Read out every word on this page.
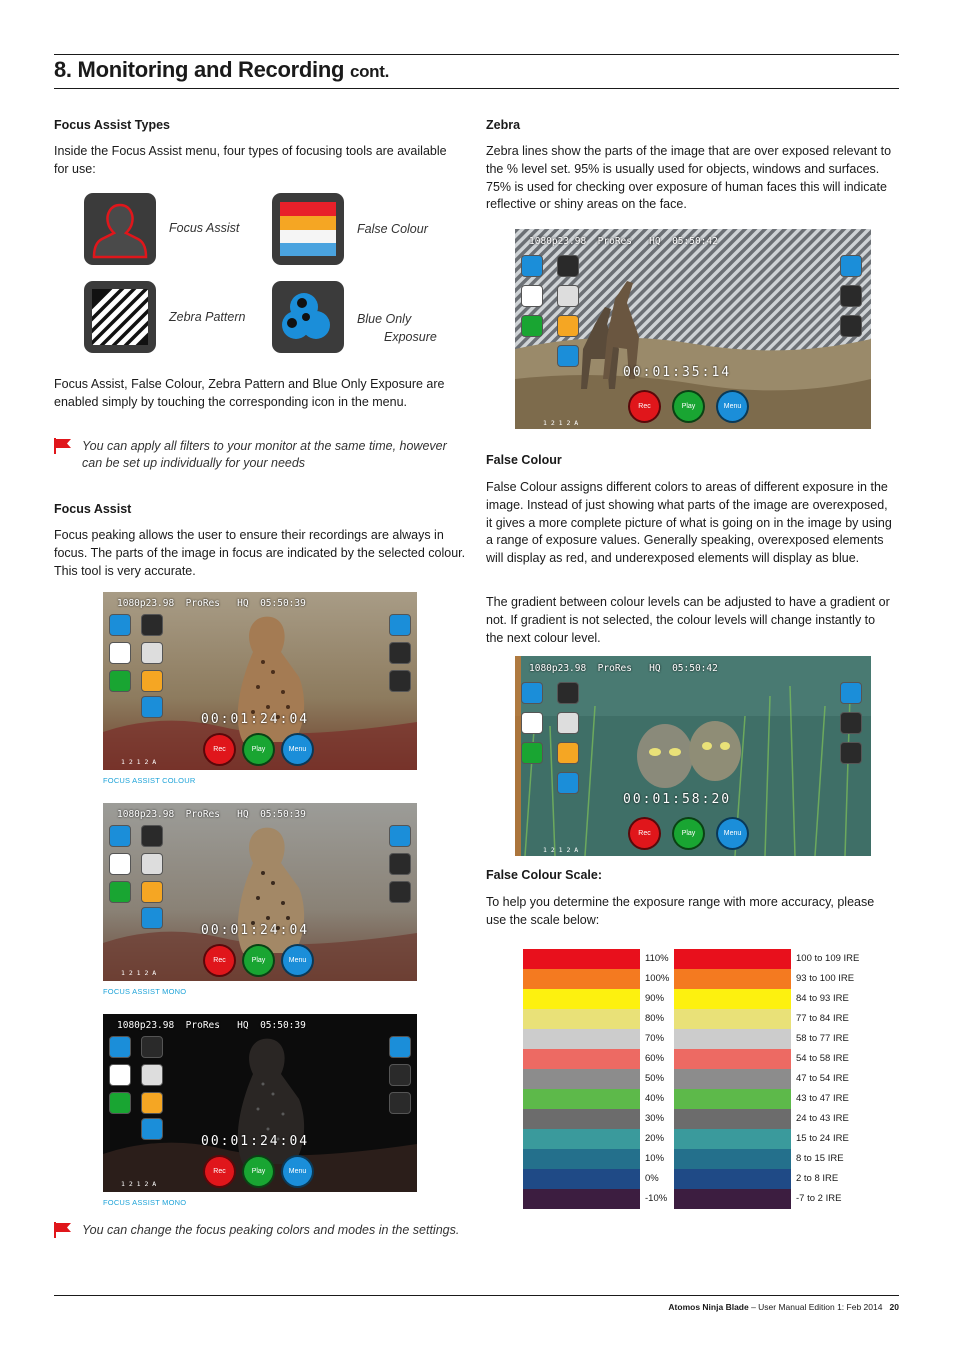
8. Monitoring and Recording cont.
Focus Assist Types
Inside the Focus Assist menu, four types of focusing tools are available for use:
Focus Assist	False Colour
Zebra Pattern	Blue Only
Exposure
Focus Assist, False Colour, Zebra Pattern and Blue Only Exposure are enabled simply by touching the corresponding icon in the menu.
You can apply all filters to your monitor at the same time, however can be set up individually for your needs
Focus Assist
Focus peaking allows the user to ensure their recordings are always in focus. The parts of the image in focus are indicated by the selected colour. This tool is very accurate.
1080p23.98 ProRes HQ 05:50:39
00:01:24:04
1 2 1 2 A
Rec	Play	Menu
FOCUS ASSIST COLOUR
1080p23.98 ProRes HQ 05:50:39
00:01:24:04
1 2 1 2 A
Rec	Play	Menu
FOCUS ASSIST MONO
1080p23.98 ProRes HQ 05:50:39
00:01:24:04
1 2 1 2 A
Rec	Play	Menu
FOCUS ASSIST MONO
You can change the focus peaking colors and modes in the settings.
Zebra
Zebra lines show the parts of the image that are over exposed relevant to the % level set. 95% is usually used for objects, windows and surfaces. 75% is used for checking over exposure of human faces this will indicate reflective or shiny areas on the face.
1080p23.98 ProRes HQ 05:50:42
00:01:35:14
1 2 1 2 A
Rec	Play	Menu
False Colour
False Colour assigns different colors to areas of different exposure in the image. Instead of just showing what parts of the image are overexposed, it gives a more complete picture of what is going on in the image by using a range of exposure values. Generally speaking, overexposed elements will display as red, and underexposed elements will display as blue.
The gradient between colour levels can be adjusted to have a gradient or not. If gradient is not selected, the colour levels will change instantly to the next colour level.
1080p23.98 ProRes HQ 05:50:42
00:01:58:20
1 2 1 2 A
Rec	Play	Menu
False Colour Scale:
To help you determine the exposure range with more accuracy, please use the scale below:
110%	100 to 109 IRE
100%	93 to 100 IRE
90%	84 to 93 IRE
80%	77 to 84 IRE
70%	58 to 77 IRE
60%	54 to 58 IRE
50%	47 to 54 IRE
40%	43 to 47 IRE
30%	24 to 43 IRE
20%	15 to 24 IRE
10%	8 to 15 IRE
0%	2 to 8 IRE
-10%	-7 to 2 IRE
Atomos Ninja Blade – User Manual Edition 1: Feb 2014 20
